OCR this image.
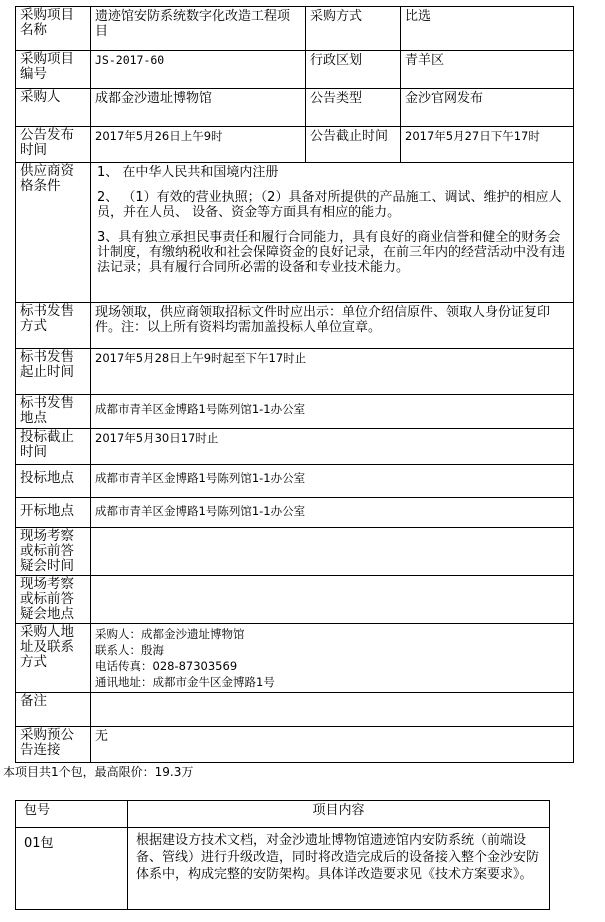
采购项目名称	遗迹馆安防系统数字化改造工程项目	采购方式	比选
采购项目编号	JS-2017-60	行政区划	青羊区
采购人	成都金沙遗址博物馆	公告类型	金沙官网发布
公告发布时间	2017年5月26日上午9时	公告截止时间	2017年5月27日下午17时
供应商资格条件	1、 在中华人民共和国境内注册

2、 （1）有效的营业执照；（2）具备对所提供的产品施工、调试、维护的相应人员，并在人员、 设备、资金等方面具有相应的能力。

3、具有独立承担民事责任和履行合同能力，具有良好的商业信誉和健全的财务会计制度，有缴纳税收和社会保障资金的良好记录，在前三年内的经营活动中没有违法记录；具有履行合同所必需的设备和专业技术能力。		

标书发售方式	现场领取，供应商领取招标文件时应出示：单位介绍信原件、领取人身份证复印件。注：以上所有资料均需加盖投标人单位宣章。		
标书发售起止时间	2017年5月28日上午9时起至下午17时止		
标书发售地点	成都市青羊区金博路1号陈列馆1-1办公室		
投标截止时间	2017年5月30日17时止		
投标地点	成都市青羊区金博路1号陈列馆1-1办公室		
开标地点	成都市青羊区金博路1号陈列馆1-1办公室		
现场考察或标前答疑会时间			
现场考察或标前答疑会地点			
采购人地址及联系方式	采购人：成都金沙遗址博物馆
联系人：殷海
电话传真：028-87303569
通讯地址：成都市金牛区金博路1号		

备注			
采购预公告连接	无		
本项目共1个包，最高限价：19.3万
包号	项目内容
01包	根据建设方技术文档，对金沙遗址博物馆遗迹馆内安防系统（前端设备、管线）进行升级改造，同时将改造完成后的设备接入整个金沙安防体系中，构成完整的安防架构。具体详改造要求见《技术方案要求》。
